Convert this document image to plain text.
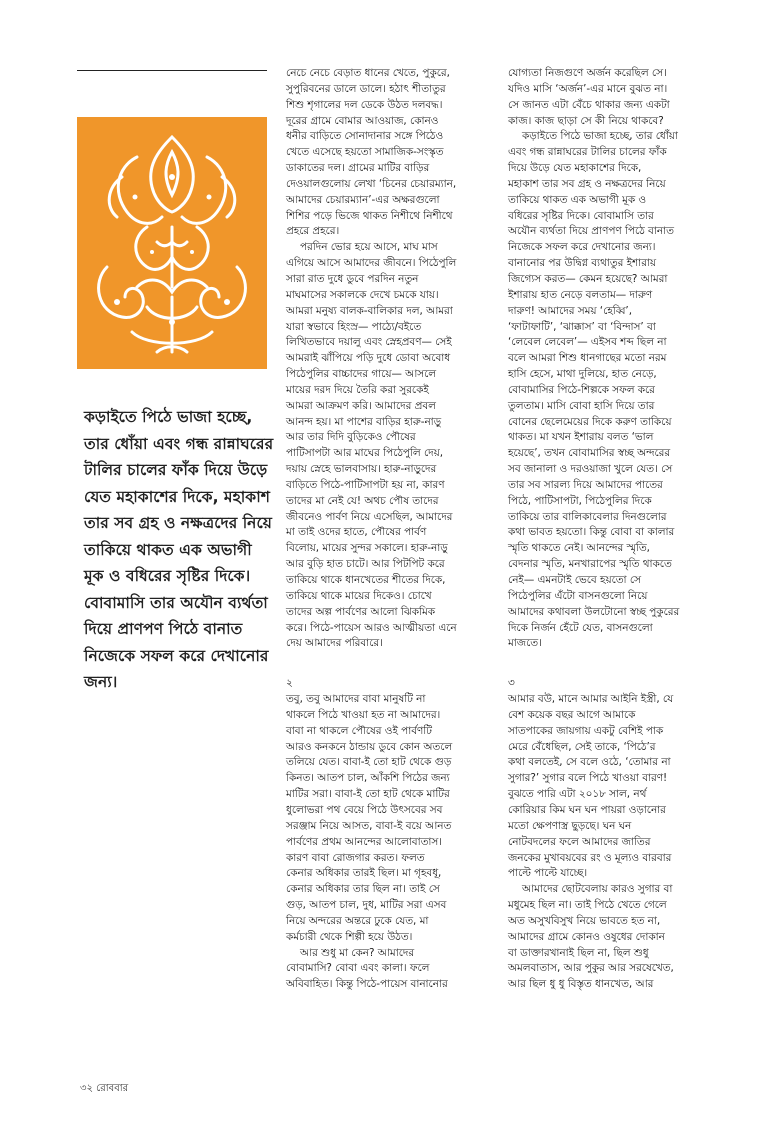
কড়াইতে পিঠে ভাজা হচ্ছে, তার ধোঁয়া এবং গন্ধ রান্নাঘরের টালির চালের ফাঁক দিয়ে উড়ে যেত মহাকাশের দিকে, মহাকাশ তার সব গ্রহ ও নক্ষত্রদের নিয়ে তাকিয়ে থাকত এক অভাগী মূক ও বধিরের সৃষ্টির দিকে। বোবামাসি তার অযৌন ব্যর্থতা দিয়ে প্রাণপণ পিঠে বানাত নিজেকে সফল করে দেখানোর জন্য।

নেচে নেচে বেড়াত ধানের খেতে, পুকুরে,

সুপুরিবনের ডালে ডালে। হঠাৎ শীতাতুর

শিশু শৃগালের দল ডেকে উঠত দলবদ্ধ।

দূরের গ্রামে বোমার আওয়াজ, কোনও

ধনীর বাড়িতে সোনাদানার সঙ্গে পিঠেও

খেতে এসেছে হয়তো সামাজিক-সংস্কৃত

ডাকাতের দল। গ্রামের মাটির বাড়ির

দেওয়ালগুলোয় লেখা ‘চিনের চেয়ারম্যান,

আমাদের চেয়ারম্যান’-এর অক্ষরগুলো

শিশির পড়ে ভিজে থাকত নিশীথে নিশীথে

প্রহরে প্রহরে।

পরদিন ভোর হয়ে আসে, মাঘ মাস

এগিয়ে আসে আমাদের জীবনে। পিঠেপুলি

সারা রাত দুধে ডুবে পরদিন নতুন

মাঘমাসের সকালকে দেখে চমকে যায়।

আমরা মনুষ্য বালক-বালিকার দল, আমরা

যারা স্বভাবে হিংস্র— পাঠ্যে/বইতে

লিখিতভাবে দয়ালু এবং স্নেহপ্রবণ— সেই

আমরাই ঝাঁপিয়ে পড়ি দুধে ডোবা অবোধ

পিঠেপুলির বাচ্চাদের গায়ে— আসলে

মায়ের দরদ দিয়ে তৈরি করা সুরকেই

আমরা আক্রমণ করি। আমাদের প্রবল

আনন্দ হয়। মা পাশের বাড়ির হারু-নাড়ু

আর তার দিদি বুড়িকেও পৌষের

পাটিসাপটা আর মাঘের পিঠেপুলি দেয়,

দয়ায় স্নেহে ভালবাসায়। হারু-নাড়ুদের

বাড়িতে পিঠে-পাটিসাপটা হয় না, কারণ

তাদের মা নেই যে! অথচ পৌষ তাদের

জীবনেও পার্বণ নিয়ে এসেছিল, আমাদের

মা তাই ওদের হাতে, পৌষের পার্বণ

বিলোয়, মায়ের সুন্দর সকালে। হারু-নাড়ু

আর বুড়ি হাত চাটে। আর পিটপিট করে

তাকিয়ে থাকে ধানখেতের শীতের দিকে,

তাকিয়ে থাকে মায়ের দিকেও। চোখে

তাদের অল্প পার্বণের আলো ঝিকমিক

করে। পিঠে-পায়েস আরও আত্মীয়তা এনে

দেয় আমাদের পরিবারে।

২

তবু, তবু আমাদের বাবা মানুষটি না

থাকলে পিঠে খাওয়া হত না আমাদের।

বাবা না থাকলে পৌষের ওই পার্বণটি

আরও কনকনে ঠান্ডায় ডুবে কোন অতলে

তলিয়ে যেত। বাবা-ই তো হাট থেকে গুড়

কিনত। আতপ চাল, আঁকশি পিঠের জন্য

মাটির সরা। বাবা-ই তো হাট থেকে মাটির

ধুলোভরা পথ বেয়ে পিঠে উৎসবের সব

সরঞ্জাম নিয়ে আসত, বাবা-ই বয়ে আনত

পার্বণের প্রথম আনন্দের আলোবাতাস।

কারণ বাবা রোজগার করত। ফলত

কেনার অধিকার তারই ছিল। মা গৃহবধূ,

কেনার অধিকার তার ছিল না। তাই সে

গুড়, আতপ চাল, দুধ, মাটির সরা এসব

নিয়ে অন্দরের অন্তরে ঢুকে যেত, মা

কর্মচারী থেকে শিল্পী হয়ে উঠত।

আর শুধু মা কেন? আমাদের

বোবামাসি? বোবা এবং কালা। ফলে

অবিবাহিত। কিন্তু পিঠে-পায়েস বানানোর

যোগ্যতা নিজগুণে অর্জন করেছিল সে।

যদিও মাসি ‘অর্জন’-এর মানে বুঝত না।

সে জানত এটা বেঁচে থাকার জন্য একটা

কাজ। কাজ ছাড়া সে কী নিয়ে থাকবে?

কড়াইতে পিঠে ভাজা হচ্ছে, তার ধোঁয়া

এবং গন্ধ রান্নাঘরের টালির চালের ফাঁক

দিয়ে উড়ে যেত মহাকাশের দিকে,

মহাকাশ তার সব গ্রহ ও নক্ষত্রদের নিয়ে

তাকিয়ে থাকত এক অভাগী মূক ও

বধিরের সৃষ্টির দিকে। বোবামাসি তার

অযৌন ব্যর্থতা দিয়ে প্রাণপণ পিঠে বানাত

নিজেকে সফল করে দেখানোর জন্য।

বানানোর পর উদ্বিগ্ন ব্যথাতুর ইশারায়

জিগ্যেস করত— কেমন হয়েছে? আমরা

ইশারায় হাত নেড়ে বলতাম— দারুণ

দারুণ! আমাদের সময় ‘হেব্বি’,

‘ফাটাফাটি’, ‘ঝাক্কাস’ বা ‘বিন্দাস’ বা

‘লেবেল লেবেল’— এইসব শব্দ ছিল না

বলে আমরা শিশু ধানগাছের মতো নরম

হাসি হেসে, মাথা দুলিয়ে, হাত নেড়ে,

বোবামাসির পিঠে-শিল্পকে সফল করে

তুলতাম। মাসি বোবা হাসি দিয়ে তার

বোনের ছেলেমেয়ের দিকে করুণ তাকিয়ে

থাকত। মা যখন ইশারায় বলত ‘ভাল

হয়েছে’, তখন বোবামাসির স্বচ্ছ অন্দরের

সব জানালা ও দরওয়াজা খুলে যেত। সে

তার সব সারল্য দিয়ে আমাদের পাতের

পিঠে, পাটিসাপটা, পিঠেপুলির দিকে

তাকিয়ে তার বালিকাবেলার দিনগুলোর

কথা ভাবত হয়তো। কিন্তু বোবা বা কালার

স্মৃতি থাকতে নেই। আনন্দের স্মৃতি,

বেদনার স্মৃতি, মনখারাপের স্মৃতি থাকতে

নেই— এমনটাই ভেবে হয়তো সে

পিঠেপুলির এঁটো বাসনগুলো নিয়ে

আমাদের কথাবলা উলটোনো স্বচ্ছ পুকুরের

দিকে নির্জন হেঁটে যেত, বাসনগুলো

মাজতে।

৩

আমার বউ, মানে আমার আইনি ইস্ত্রী, যে

বেশ কয়েক বছর আগে আমাকে

সাতপাকের জায়গায় একটু বেশিই পাক

মেরে বেঁধেছিল, সেই তাকে, ‘পিঠে’র

কথা বলতেই, সে বলে ওঠে, ‘তোমার না

সুগার?’ সুগার বলে পিঠে খাওয়া বারণ!

বুঝতে পারি এটা ২০১৮ সাল, নর্থ

কোরিয়ার কিম ঘন ঘন পায়রা ওড়ানোর

মতো ক্ষেপণাস্ত্র ছুড়ছে। ঘন ঘন

নোটবদলের ফলে আমাদের জাতির

জনকের মুখাবয়বের রং ও মূল্যও বারবার

পাল্টে পাল্টে যাচ্ছে।

আমাদের ছোটবেলায় কারও সুগার বা

মধুমেহ ছিল না। তাই পিঠে খেতে গেলে

অত অসুখবিসুখ নিয়ে ভাবতে হত না,

আমাদের গ্রামে কোনও ওষুধের দোকান

বা ডাক্তারখানাই ছিল না, ছিল শুধু

অমলবাতাস, আর পুকুর আর সরষেখেত,

আর ছিল ধু ধু বিস্তৃত ধানখেত, আর

৩২ রোববার
